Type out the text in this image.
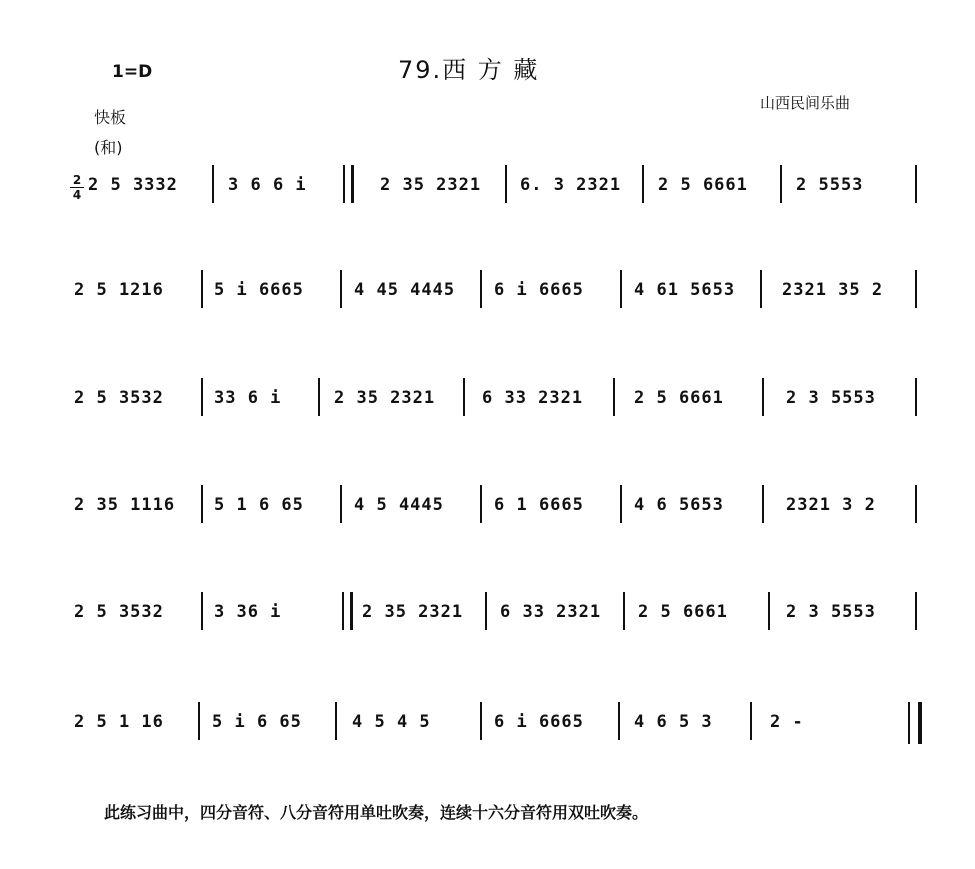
1=D	79.西 方 藏
山西民间乐曲
快板
(和)
2
4 2 5 3332	3 6 6 i	2 35 2321 6. 3 2321 2 5 6661	2 5553
2 5 1216	5 i 6665	4 45 4445 6 i 6665	4 61 5653	2321 35 2
2 5 3532	33 6 i	2 35 2321	6 33 2321	2 5 6661	2 3 5553
2 35 1116 5 1 6 65	4 5 4445	6 1 6665	4 6 5653	2321 3 2
2 5 3532	3 36 i	2 35 2321 6 33 2321 2 5 6661	2 3 5553
2 5 1 16	5 i 6 65	4 5 4 5	6 i 6665	4 6 5 3	2 -
此练习曲中，四分音符、八分音符用单吐吹奏，连续十六分音符用双吐吹奏。
